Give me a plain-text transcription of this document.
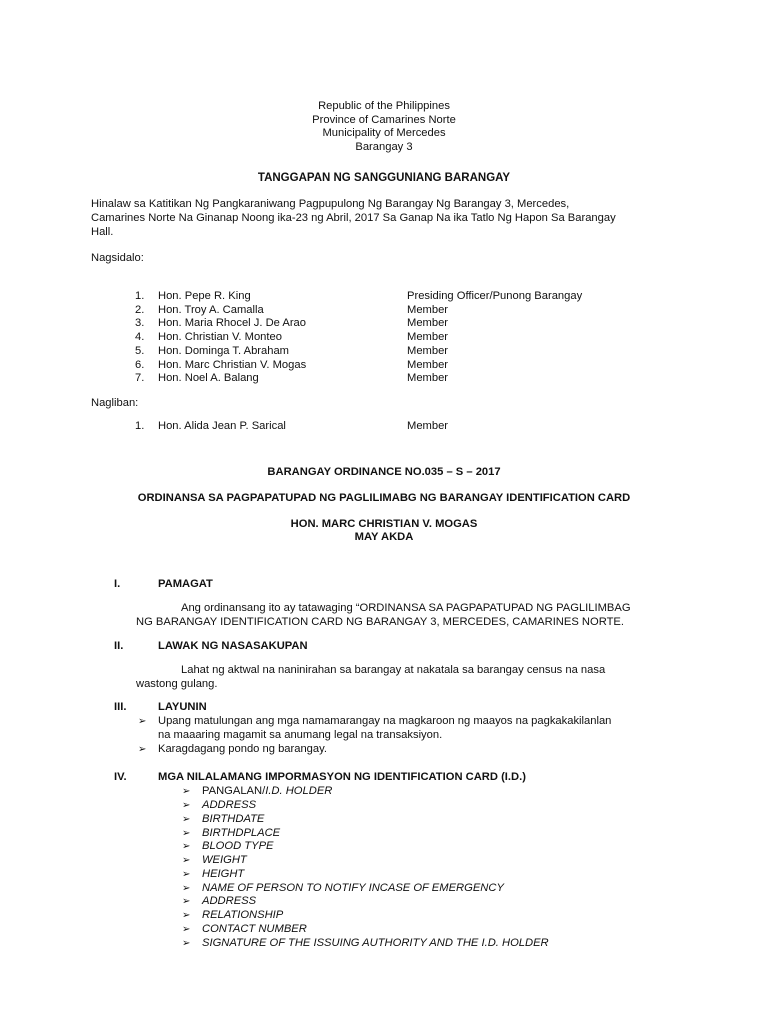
Republic of the Philippines
Province of Camarines Norte
Municipality of Mercedes
Barangay 3
TANGGAPAN NG SANGGUNIANG BARANGAY
Hinalaw sa Katitikan Ng Pangkaraniwang Pagpupulong Ng Barangay Ng Barangay 3, Mercedes,
Camarines Norte Na Ginanap Noong ika-23 ng Abril, 2017 Sa Ganap Na ika Tatlo Ng Hapon Sa Barangay
Hall.
Nagsidalo:
1. Hon. Pepe R. King	Presiding Officer/Punong Barangay
2. Hon. Troy A. Camalla	Member
3. Hon. Maria Rhocel J. De Arao	Member
4. Hon. Christian V. Monteo	Member
5. Hon. Dominga T. Abraham	Member
6. Hon. Marc Christian V. Mogas	Member
7. Hon. Noel A. Balang	Member
Nagliban:
1. Hon. Alida Jean P. Sarical	Member
BARANGAY ORDINANCE NO.035 – S – 2017
ORDINANSA SA PAGPAPATUPAD NG PAGLILIMABG NG BARANGAY IDENTIFICATION CARD
HON. MARC CHRISTIAN V. MOGAS
MAY AKDA
I.	PAMAGAT
Ang ordinansang ito ay tatawaging “ORDINANSA SA PAGPAPATUPAD NG PAGLILIMBAG
NG BARANGAY IDENTIFICATION CARD NG BARANGAY 3, MERCEDES, CAMARINES NORTE.
II.	LAWAK NG NASASAKUPAN
Lahat ng aktwal na naninirahan sa barangay at nakatala sa barangay census na nasa
wastong gulang.
III.	LAYUNIN
➢ Upang matulungan ang mga namamarangay na magkaroon ng maayos na pagkakakilanlan
na maaaring magamit sa anumang legal na transaksiyon.
➢ Karagdagang pondo ng barangay.
IV.	MGA NILALAMANG IMPORMASYON NG IDENTIFICATION CARD (I.D.)
➢ PANGALAN/I.D. HOLDER
➢ ADDRESS
➢ BIRTHDATE
➢ BIRTHDPLACE
➢ BLOOD TYPE
➢ WEIGHT
➢ HEIGHT
➢ NAME OF PERSON TO NOTIFY INCASE OF EMERGENCY
➢ ADDRESS
➢ RELATIONSHIP
➢ CONTACT NUMBER
➢ SIGNATURE OF THE ISSUING AUTHORITY AND THE I.D. HOLDER
